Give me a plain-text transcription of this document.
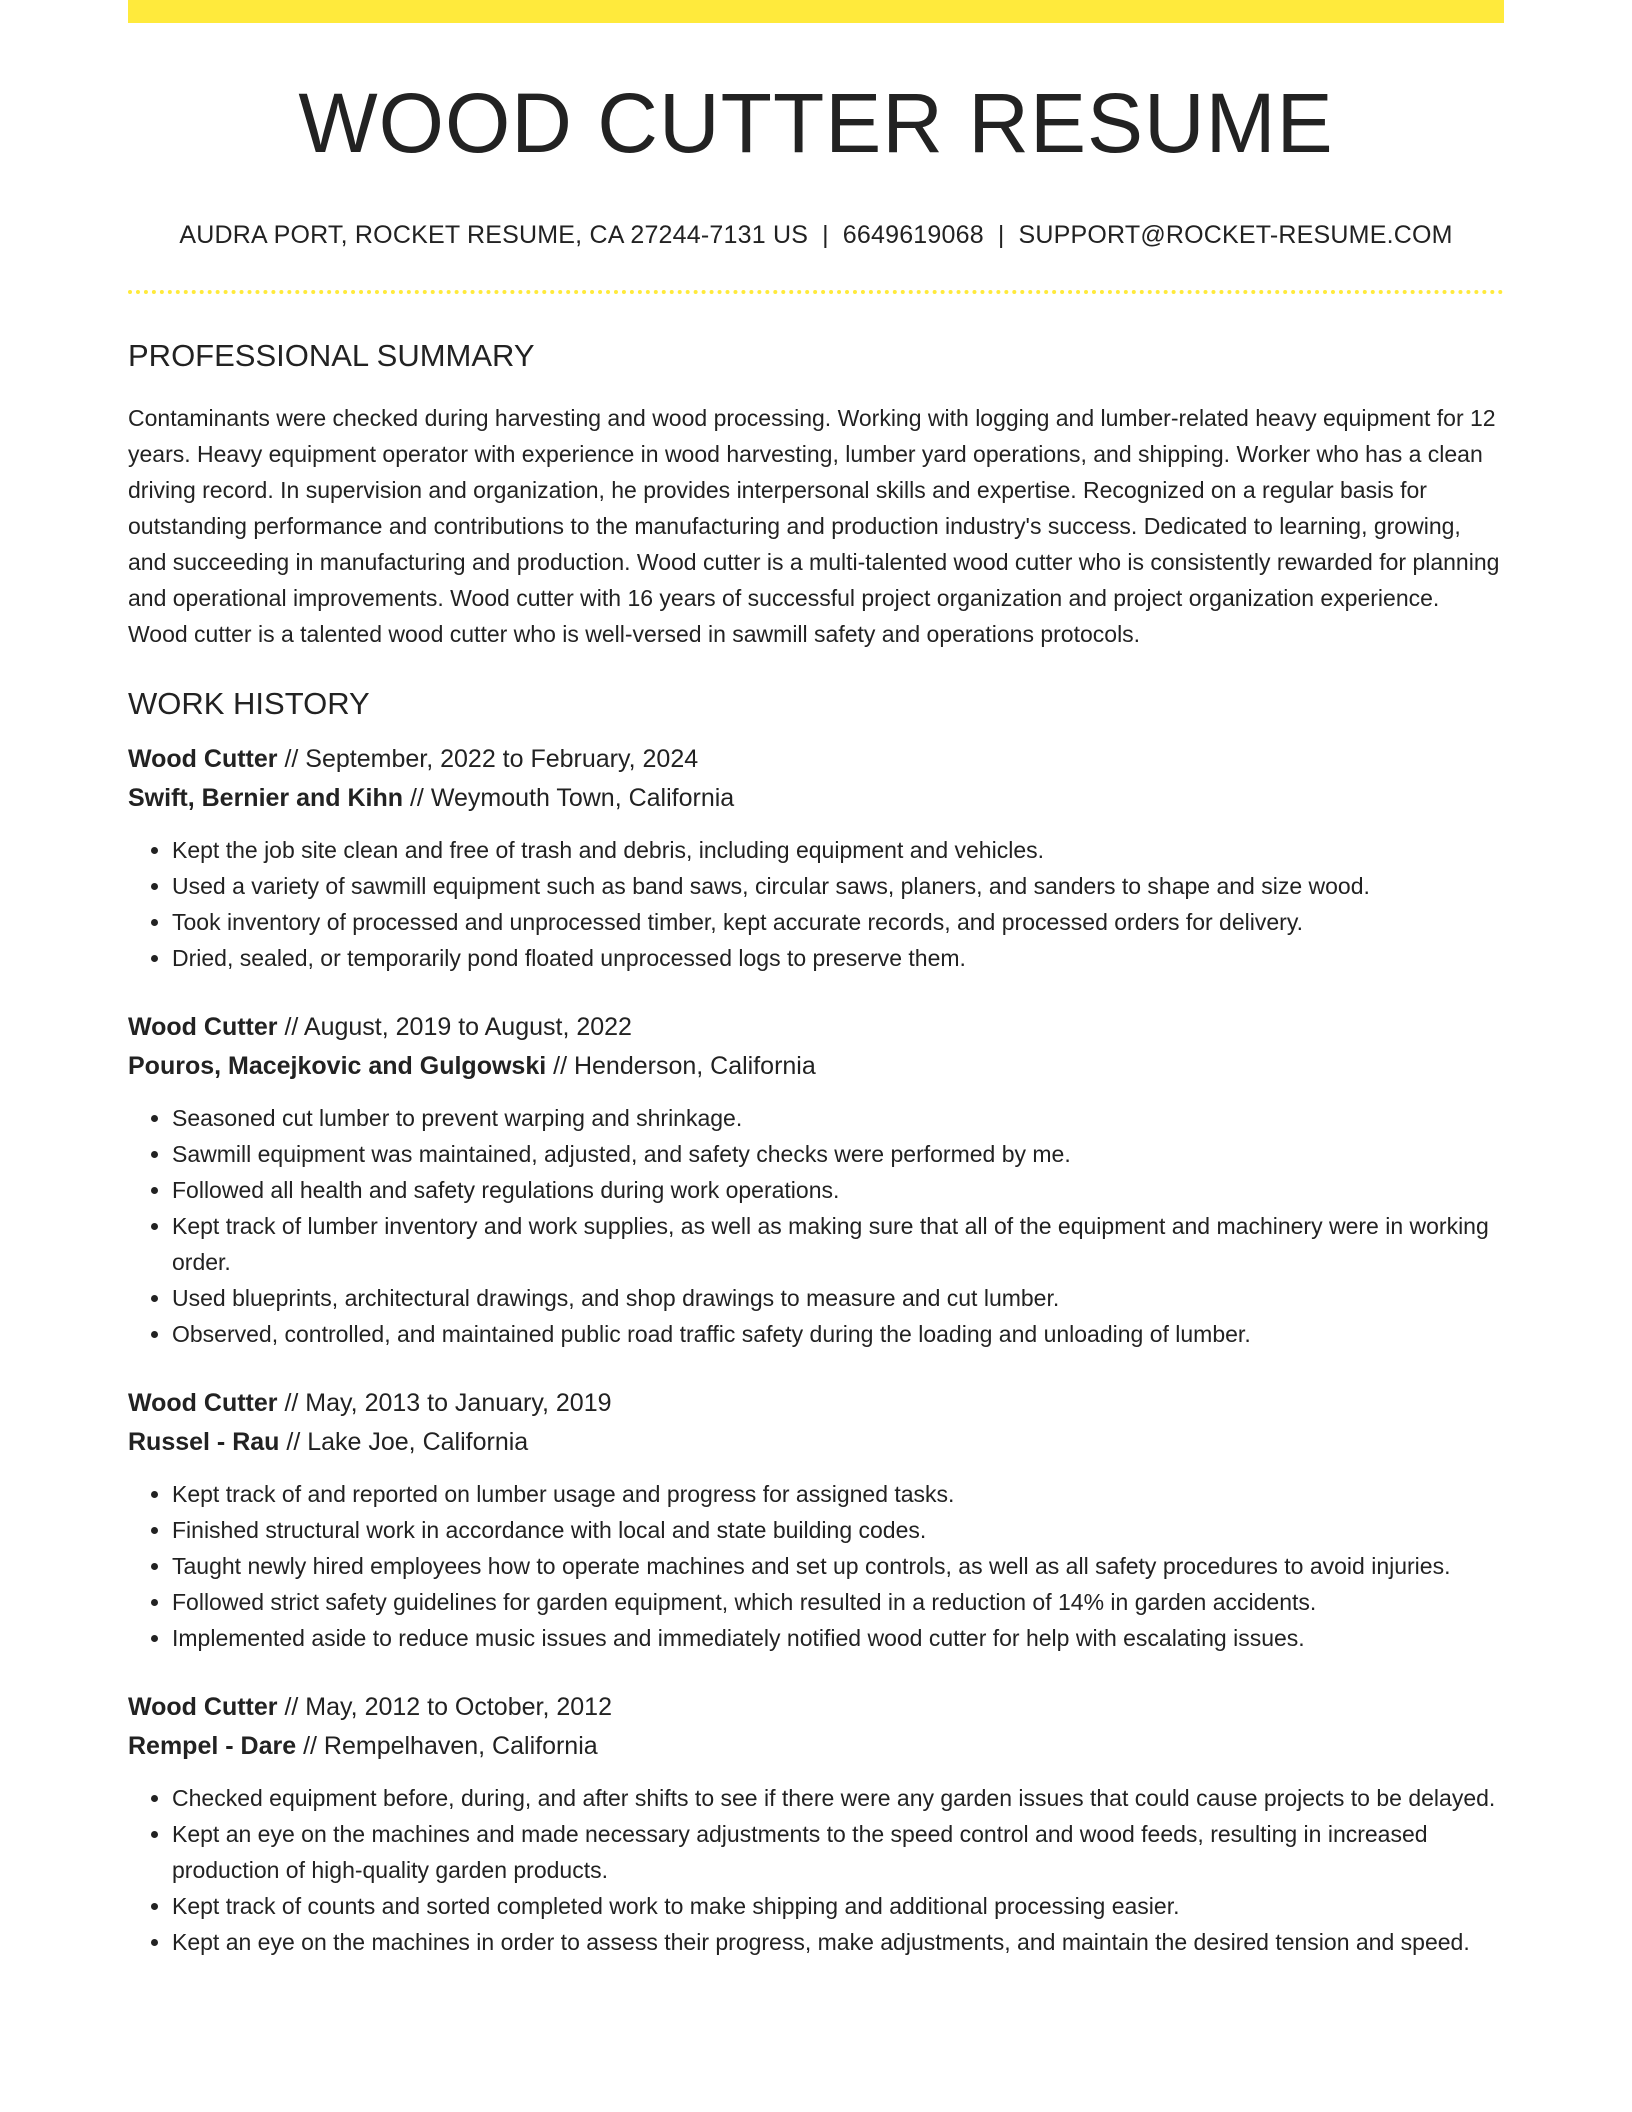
WOOD CUTTER RESUME
AUDRA PORT, ROCKET RESUME, CA 27244-7131 US | 6649619068 | SUPPORT@ROCKET-RESUME.COM
PROFESSIONAL SUMMARY

Contaminants were checked during harvesting and wood processing. Working with logging and lumber-related heavy equipment for 12 years. Heavy equipment operator with experience in wood harvesting, lumber yard operations, and shipping. Worker who has a clean driving record. In supervision and organization, he provides interpersonal skills and expertise. Recognized on a regular basis for outstanding performance and contributions to the manufacturing and production industry's success. Dedicated to learning, growing, and succeeding in manufacturing and production. Wood cutter is a multi-talented wood cutter who is consistently rewarded for planning and operational improvements. Wood cutter with 16 years of successful project organization and project organization experience. Wood cutter is a talented wood cutter who is well-versed in sawmill safety and operations protocols.

WORK HISTORY
Wood Cutter // September, 2022 to February, 2024
Swift, Bernier and Kihn // Weymouth Town, California
• Kept the job site clean and free of trash and debris, including equipment and vehicles.
• Used a variety of sawmill equipment such as band saws, circular saws, planers, and sanders to shape and size wood.
• Took inventory of processed and unprocessed timber, kept accurate records, and processed orders for delivery.
• Dried, sealed, or temporarily pond floated unprocessed logs to preserve them.
Wood Cutter // August, 2019 to August, 2022
Pouros, Macejkovic and Gulgowski // Henderson, California
• Seasoned cut lumber to prevent warping and shrinkage.
• Sawmill equipment was maintained, adjusted, and safety checks were performed by me.
• Followed all health and safety regulations during work operations.
• Kept track of lumber inventory and work supplies, as well as making sure that all of the equipment and machinery were in working order.
• Used blueprints, architectural drawings, and shop drawings to measure and cut lumber.
• Observed, controlled, and maintained public road traffic safety during the loading and unloading of lumber.
Wood Cutter // May, 2013 to January, 2019
Russel - Rau // Lake Joe, California
• Kept track of and reported on lumber usage and progress for assigned tasks.
• Finished structural work in accordance with local and state building codes.
• Taught newly hired employees how to operate machines and set up controls, as well as all safety procedures to avoid injuries.
• Followed strict safety guidelines for garden equipment, which resulted in a reduction of 14% in garden accidents.
• Implemented aside to reduce music issues and immediately notified wood cutter for help with escalating issues.
Wood Cutter // May, 2012 to October, 2012
Rempel - Dare // Rempelhaven, California
• Checked equipment before, during, and after shifts to see if there were any garden issues that could cause projects to be delayed.
• Kept an eye on the machines and made necessary adjustments to the speed control and wood feeds, resulting in increased production of high-quality garden products.
• Kept track of counts and sorted completed work to make shipping and additional processing easier.
• Kept an eye on the machines in order to assess their progress, make adjustments, and maintain the desired tension and speed.
